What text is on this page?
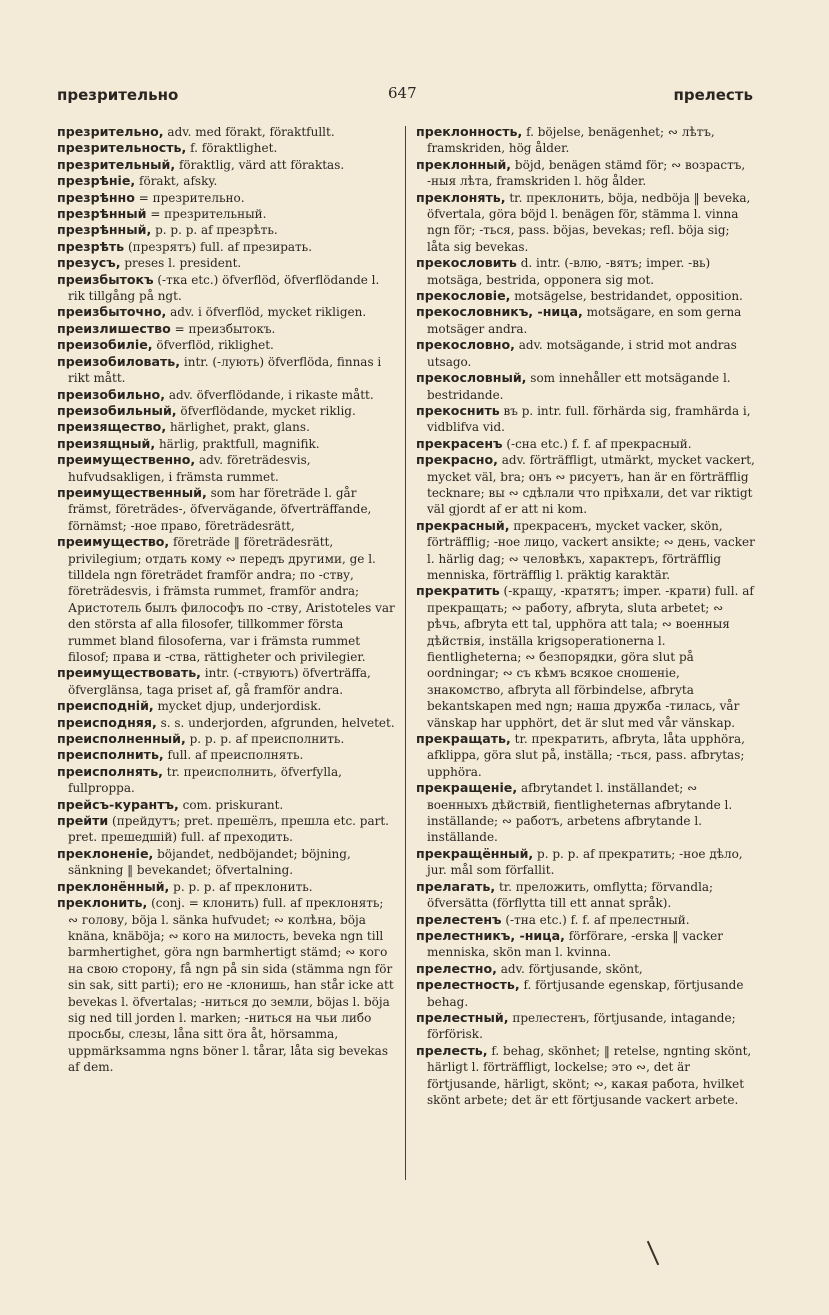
презрительно	647	прелесть

презрительно, adv. med förakt, föraktfullt.

презрительность, f. föraktlighet.

презрительный, föraktlig, värd att föraktas.

презрѣніе, förakt, afsky.

презрѣнно = презрительно.

презрѣнный = презрительный.

презрѣнный, p. p. p. af презрѣть.

презрѣть (презрятъ) full. af презирать.

презусъ, preses l. president.

преизбытокъ (-тка etc.) öfverflöd, öfverflödande l. rik tillgång på ngt.

преизбыточно, adv. i öfverflöd, mycket rikligen.

преизлишество = преизбытокъ.

преизобиліе, öfverflöd, riklighet.

преизобиловать, intr. (-лують) öfverflöda, finnas i rikt mått.

преизобильно, adv. öfverflödande, i rikaste mått.

преизобильный, öfverflödande, mycket riklig.

преизящество, härlighet, prakt, glans.

преизящный, härlig, praktfull, magnifik.

преимущественно, adv. företrädesvis, hufvudsakligen, i främsta rummet.

преимущественный, som har företräde l. går främst, företrädes-, öfvervägande, öfverträffande, förnämst; -ное право, företrädesrätt,

преимущество, företräde ‖ företrädesrätt, privilegium; отдать кому ∾ передъ другими, ge l. tilldela ngn företrädet framför andra; по -ству, företrädesvis, i främsta rummet, framför andra; Аристотель былъ философъ по -ству, Aristoteles var den största af alla filosofer, tillkommer första rummet bland filosoferna, var i främsta rummet filosof; права и -ства, rättigheter och privilegier.

преимуществовать, intr. (-ствуютъ) öfverträffa, öfverglänsa, taga priset af, gå framför andra.

преисподній, mycket djup, underjordisk.

преисподняя, s. s. underjorden, afgrunden, helvetet.

преисполненный, p. p. p. af преисполнить.

преисполнить, full. af преисполнять.

преисполнять, tr. преисполнить, öfverfylla, fullproppa.

прейсъ-курантъ, com. priskurant.

прейти (прейдутъ; pret. прешёлъ, прешла etc. part. pret. прешедшій) full. af преходить.

преклоненіе, böjandet, nedböjandet; böjning, sänkning ‖ bevekandet; öfvertalning.

преклонённый, p. p. p. af преклонить.

преклонить, (conj. = клонить) full. af преклонять; ∾ голову, böja l. sänka hufvudet; ∾ колѣна, böja knäna, knäböja; ∾ кого на милость, beveka ngn till barmhertighet, göra ngn barmhertigt stämd; ∾ кого на свою сторону, få ngn på sin sida (stämma ngn för sin sak, sitt parti); его не -клонишь, han står icke att bevekas l. öfvertalas; -ниться до земли, böjas l. böja sig ned till jorden l. marken; -ниться на чьи либо просьбы, слезы, låna sitt öra åt, hörsamma, uppmärksamma ngns böner l. tårar, låta sig bevekas af dem.

преклонность, f. böjelse, benägenhet; ∾ лѣтъ, framskriden, hög ålder.

преклонный, böjd, benägen stämd för; ∾ возрастъ, -ныя лѣта, framskriden l. hög ålder.

преклонять, tr. преклонить, böja, nedböja ‖ beveka, öfvertala, göra böjd l. benägen för, stämma l. vinna ngn för; -ться, pass. böjas, bevekas; refl. böja sig; låta sig bevekas.

прекословить d. intr. (-влю, -вятъ; imper. -вь) motsäga, bestrida, opponera sig mot.

прекословіе, motsägelse, bestridandet, opposition.

прекословникъ, -ница, motsägare, en som gerna motsäger andra.

прекословно, adv. motsägande, i strid mot andras utsago.

прекословный, som innehåller ett motsägande l. bestridande.

прекоснить въ p. intr. full. förhärda sig, framhärda i, vidblifva vid.

прекрасенъ (-сна etc.) f. f. af прекрасный.

прекрасно, adv. förträffligt, utmärkt, mycket vackert, mycket väl, bra; онъ ∾ рисуетъ, han är en förträfflig tecknare; вы ∾ сдѣлали что пріѣхали, det var riktigt väl gjordt af er att ni kom.

прекрасный, прекрасенъ, mycket vacker, skön, förträfflig; -ное лицо, vackert ansikte; ∾ день, vacker l. härlig dag; ∾ человѣкъ, характеръ, förträfflig menniska, förträfflig l. präktig karaktär.

прекратить (-кращу, -кратятъ; imper. -крати) full. af прекращать; ∾ работу, afbryta, sluta arbetet; ∾ рѣчь, afbryta ett tal, upphöra att tala; ∾ военныя дѣйствія, inställa krigsoperationerna l. fientligheterna; ∾ безпорядки, göra slut på oordningar; ∾ съ кѣмъ всякое сношеніе, знакомство, afbryta all förbindelse, afbryta bekantskapen med ngn; наша дружба -тилась, vår vänskap har upphört, det är slut med vår vänskap.

прекращать, tr. прекратить, afbryta, låta upphöra, afklippa, göra slut på, inställa; -ться, pass. afbrytas; upphöra.

прекращеніе, afbrytandet l. inställandet; ∾ военныхъ дѣйствій, fientligheternas afbrytande l. inställande; ∾ работъ, arbetens afbrytande l. inställande.

прекращённый, p. p. p. af прекратить; -ное дѣло, jur. mål som förfallit.

прелагать, tr. преложить, omflytta; förvandla; öfversätta (förflytta till ett annat språk).

прелестенъ (-тна etc.) f. f. af прелестный.

прелестникъ, -ница, förförare, -erska ‖ vacker menniska, skön man l. kvinna.

прелестно, adv. förtjusande, skönt,

прелестность, f. förtjusande egenskap, förtjusande behag.

прелестный, прелестенъ, förtjusande, intagande; förförisk.

прелесть, f. behag, skönhet; ‖ retelse, ngnting skönt, härligt l. förträffligt, lockelse; это ∾, det är förtjusande, härligt, skönt; ∾, какая работа, hvilket skönt arbete; det är ett förtjusande vackert arbete.
